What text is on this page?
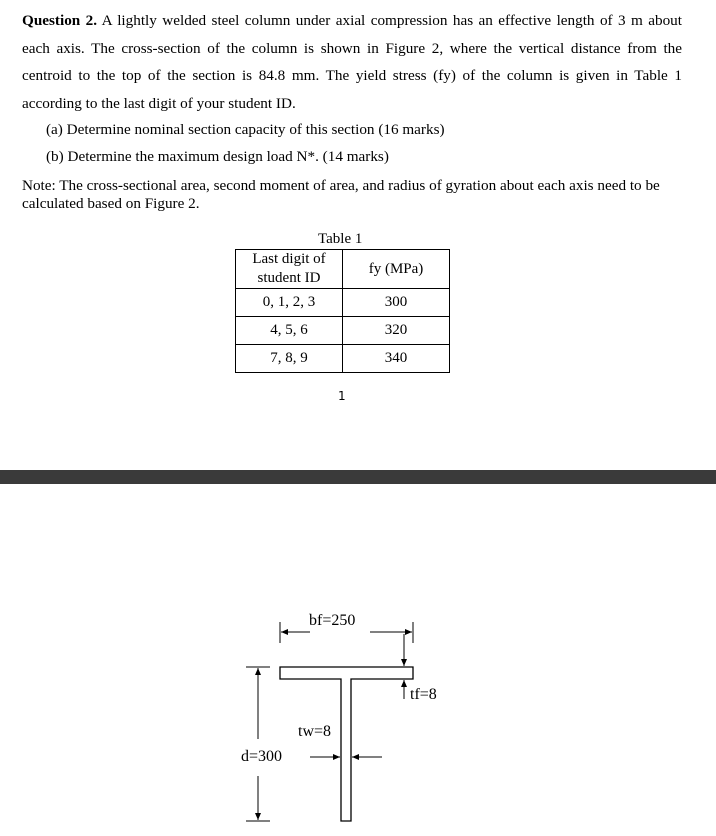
Question 2. A lightly welded steel column under axial compression has an effective length of 3 m about each axis. The cross-section of the column is shown in Figure 2, where the vertical distance from the centroid to the top of the section is 84.8 mm. The yield stress (fy) of the column is given in Table 1 according to the last digit of your student ID.

(a) Determine nominal section capacity of this section (16 marks)

(b) Determine the maximum design load N*. (14 marks)

Note: The cross-sectional area, second moment of area, and radius of gyration about each axis need to be calculated based on Figure 2.

Table 1
Last digit of student ID	fy (MPa)
0, 1, 2, 3	300
4, 5, 6	320
7, 8, 9	340
1
bf=250
tf=8
tw=8
d=300
